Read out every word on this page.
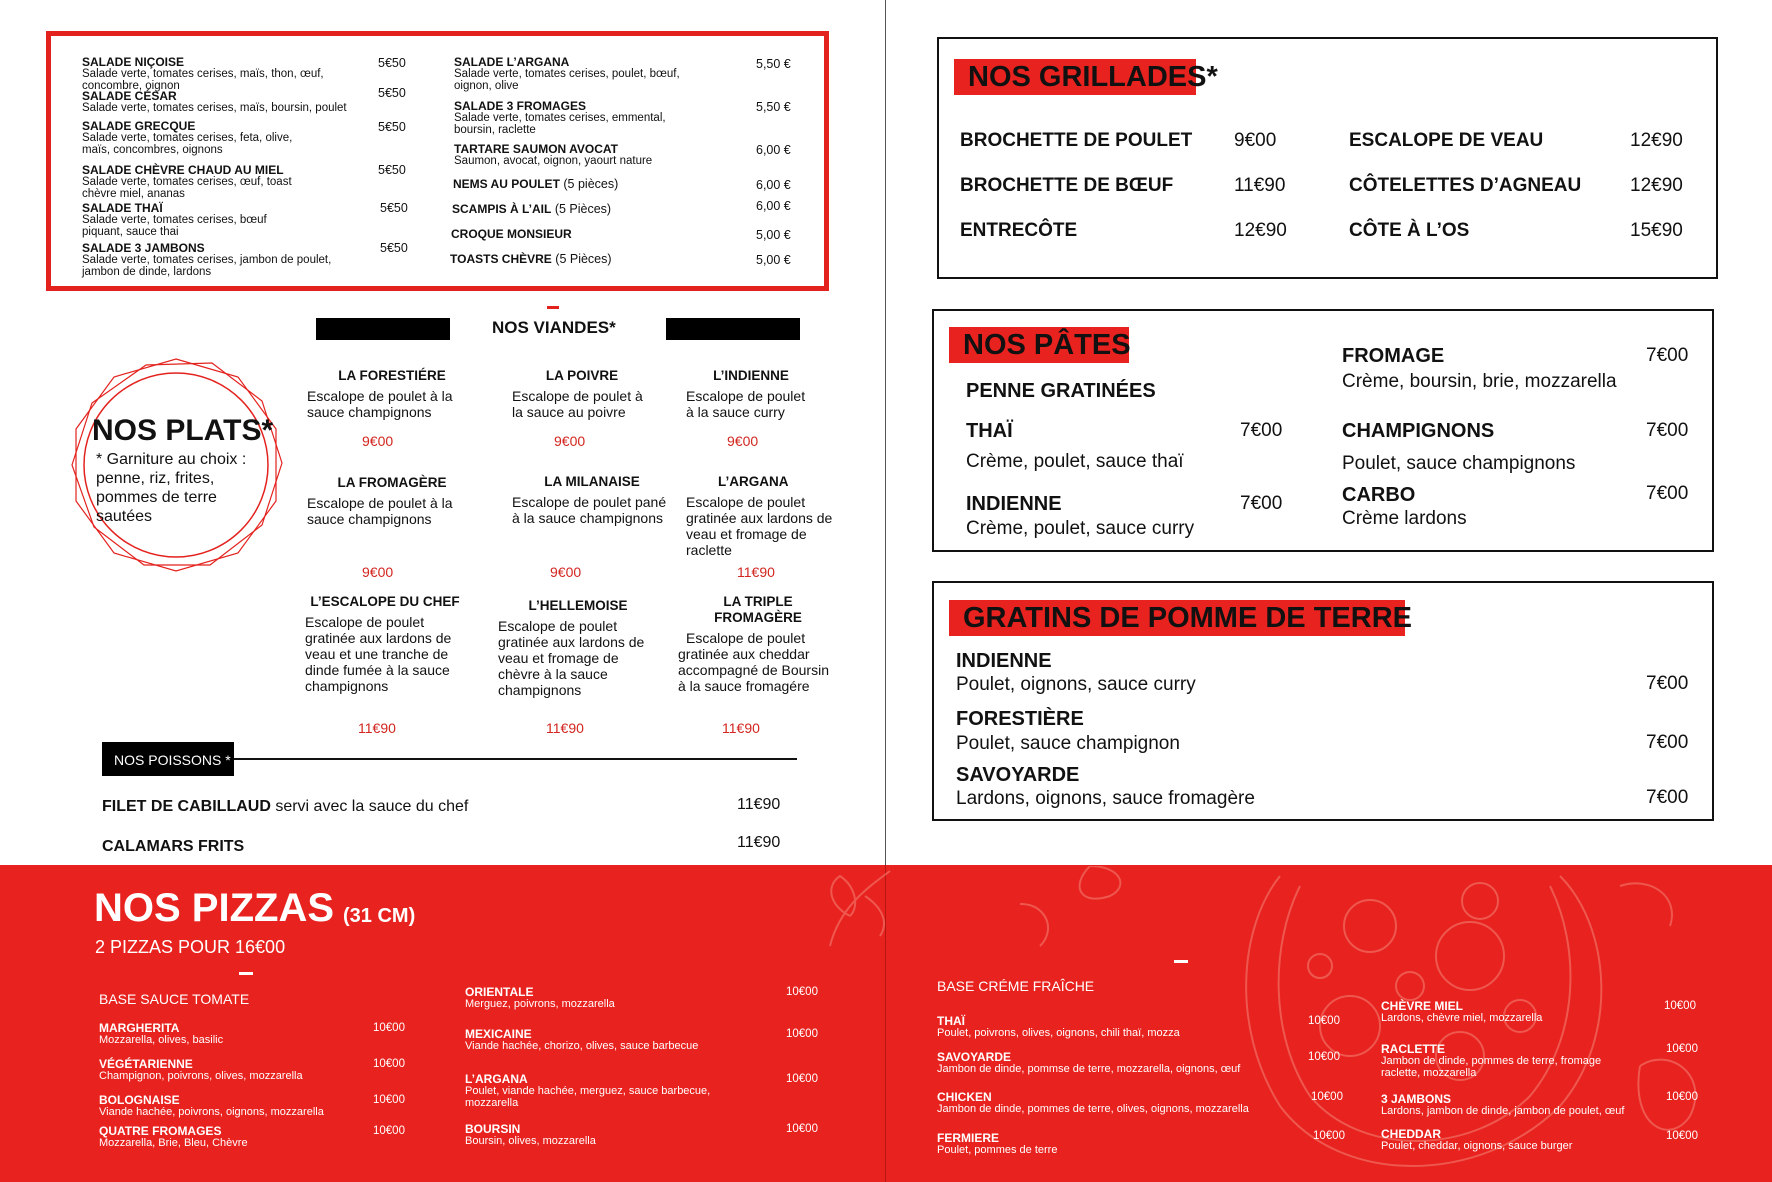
SALADE NIÇOISE
Salade verte, tomates cerises, maïs, thon, œuf, concombre, oignon
5€50
SALADE CÉSAR
Salade verte, tomates cerises, maïs, boursin, poulet
5€50
SALADE GRECQUE
Salade verte, tomates cerises, feta, olive, maïs, concombres, oignons
5€50
SALADE CHÈVRE CHAUD AU MIEL
Salade verte, tomates cerises, œuf, toast chèvre miel, ananas
5€50
SALADE THAÏ
Salade verte, tomates cerises, bœuf piquant, sauce thai
5€50
SALADE 3 JAMBONS
Salade verte, tomates cerises, jambon de poulet, jambon de dinde, lardons
5€50
SALADE L’ARGANA
Salade verte, tomates cerises, poulet, bœuf, oignon, olive
5,50 €
SALADE 3 FROMAGES
Salade verte, tomates cerises, emmental, boursin, raclette
5,50 €
TARTARE SAUMON AVOCAT
Saumon, avocat, oignon, yaourt nature
6,00 €
NEMS AU POULET (5 pièces)	6,00 €
SCAMPIS À L’AIL (5 Pièces)	6,00 €
CROQUE MONSIEUR	5,00 €
TOASTS CHÈVRE (5 Pièces)	5,00 €
NOS PLATS*
* Garniture au choix : penne, riz, frites, pommes de terre sautées
NOS VIANDES*
LA FORESTIÉRE
Escalope de poulet à la sauce champignons
9€00
LA POIVRE
Escalope de poulet à la sauce au poivre
9€00
L’INDIENNE
Escalope de poulet à la sauce curry
9€00
LA FROMAGÈRE
Escalope de poulet à la sauce champignons
9€00
LA MILANAISE
Escalope de poulet pané à la sauce champignons
9€00
L’ARGANA
Escalope de poulet gratinée aux lardons de veau et fromage de raclette
11€90
L’ESCALOPE DU CHEF
Escalope de poulet gratinée aux lardons de veau et une tranche de dinde fumée à la sauce champignons
11€90
L’HELLEMOISE
Escalope de poulet gratinée aux lardons de veau et fromage de chèvre à la sauce champignons
11€90
LA TRIPLE FROMAGÈRE
Escalope de poulet gratinée aux cheddar accompagné de Boursin à la sauce fromagére
11€90
NOS POISSONS *
FILET DE CABILLAUD servi avec la sauce du chef	11€90
CALAMARS FRITS	11€90
NOS GRILLADES*
BROCHETTE DE POULET 9€00
BROCHETTE DE BŒUF	11€90
ENTRECÔTE	12€90
ESCALOPE DE VEAU	12€90
CÔTELETTES D’AGNEAU	12€90
CÔTE À L’OS	15€90
NOS PÂTES
PENNE GRATINÉES
THAÏ	7€00
Crème, poulet, sauce thaï
INDIENNE	7€00
Crème, poulet, sauce curry
FROMAGE	7€00
Crème, boursin, brie, mozzarella
CHAMPIGNONS	7€00
Poulet, sauce champignons
CARBO	7€00
Crème lardons
GRATINS DE POMME DE TERRE
INDIENNE
Poulet, oignons, sauce curry	7€00
FORESTIÈRE
Poulet, sauce champignon	7€00
SAVOYARDE
Lardons, oignons, sauce fromagère	7€00
NOS PIZZAS (31 CM)
2 PIZZAS POUR 16€00
BASE SAUCE TOMATE
BASE CRÉME FRAÎCHE
MARGHERITA
Mozzarella, olives, basilic
10€00
VÉGÉTARIENNE
Champignon, poivrons, olives, mozzarella
10€00
BOLOGNAISE
Viande hachée, poivrons, oignons, mozzarella
10€00
QUATRE FROMAGES
Mozzarella, Brie, Bleu, Chèvre
10€00
ORIENTALE
Merguez, poivrons, mozzarella
10€00
MEXICAINE
Viande hachée, chorizo, olives, sauce barbecue
10€00
L’ARGANA
Poulet, viande hachée, merguez, sauce barbecue, mozzarella
10€00
BOURSIN
Boursin, olives, mozzarella
10€00
THAÏ
Poulet, poivrons, olives, oignons, chili thaï, mozza
10€00
SAVOYARDE
Jambon de dinde, pommse de terre, mozzarella, oignons, œuf
10€00
CHICKEN
Jambon de dinde, pommes de terre, olives, oignons, mozzarella
10€00
FERMIERE
Poulet, pommes de terre
10€00
CHÈVRE MIEL
Lardons, chèvre miel, mozzarella
10€00
RACLETTE
Jambon de dinde, pommes de terre, fromage raclette, mozzarella
10€00
3 JAMBONS
Lardons, jambon de dinde, jambon de poulet, œuf
10€00
CHEDDAR
Poulet, cheddar, oignons, sauce burger
10€00
